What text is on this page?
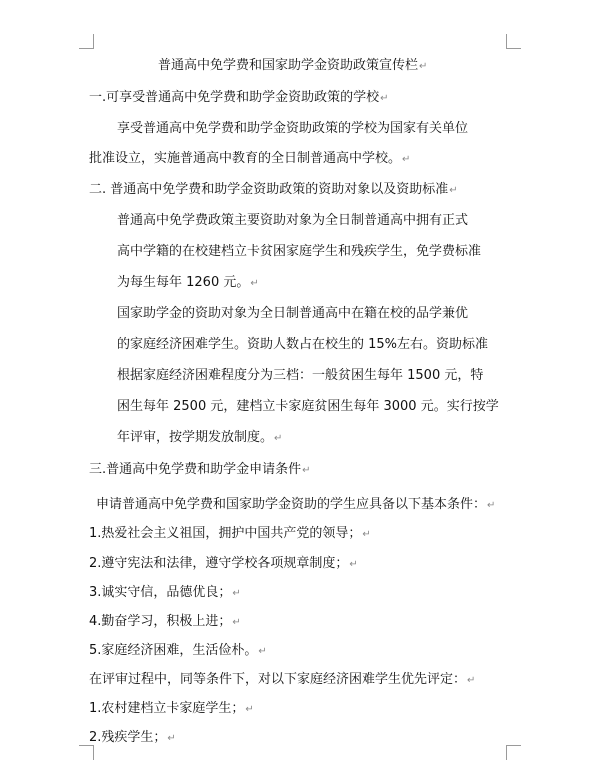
普通高中免学费和国家助学金资助政策宣传栏↵
一.可享受普通高中免学费和助学金资助政策的学校↵
享受普通高中免学费和助学金资助政策的学校为国家有关单位
批准设立，实施普通高中教育的全日制普通高中学校。↵
二. 普通高中免学费和助学金资助政策的资助对象以及资助标准↵
普通高中免学费政策主要资助对象为全日制普通高中拥有正式
高中学籍的在校建档立卡贫困家庭学生和残疾学生，免学费标准
为每生每年 1260 元。↵
国家助学金的资助对象为全日制普通高中在籍在校的品学兼优
的家庭经济困难学生。资助人数占在校生的 15%左右。资助标准
根据家庭经济困难程度分为三档：一般贫困生每年 1500 元，特
困生每年 2500 元，建档立卡家庭贫困生每年 3000 元。实行按学
年评审，按学期发放制度。↵
三.普通高中免学费和助学金申请条件↵
申请普通高中免学费和国家助学金资助的学生应具备以下基本条件：↵
1.热爱社会主义祖国，拥护中国共产党的领导；↵
2.遵守宪法和法律，遵守学校各项规章制度；↵
3.诚实守信，品德优良；↵
4.勤奋学习，积极上进；↵
5.家庭经济困难，生活俭朴。↵
在评审过程中，同等条件下，对以下家庭经济困难学生优先评定：↵
1.农村建档立卡家庭学生；↵
2.残疾学生；↵
